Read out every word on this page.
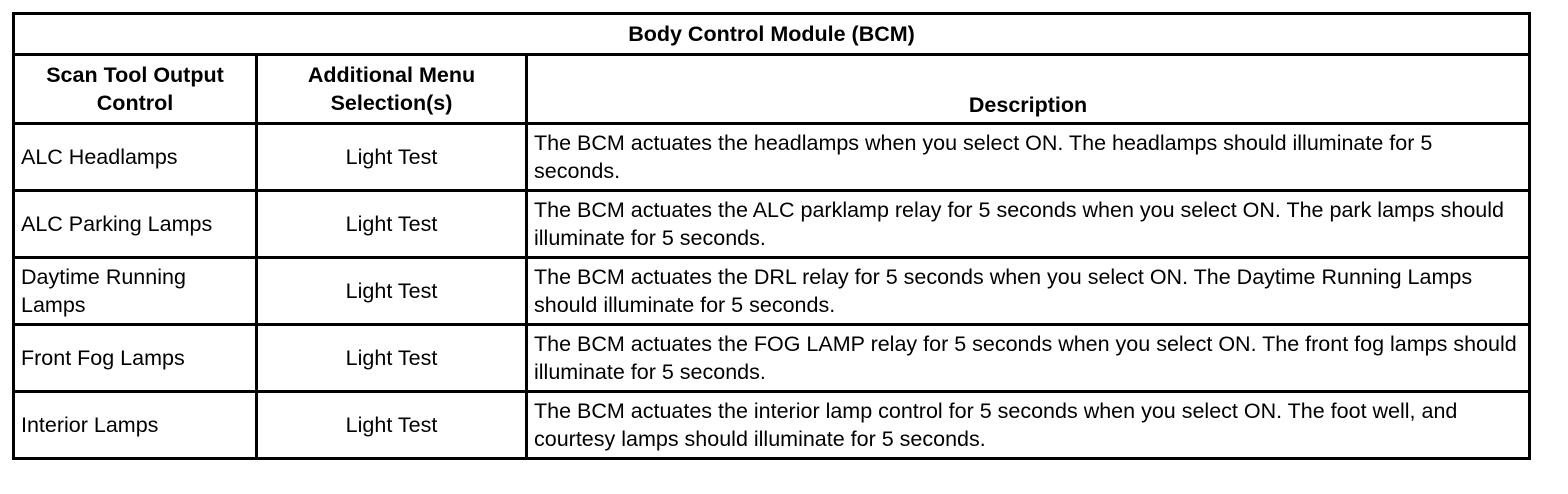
Body Control Module (BCM)		
Scan Tool Output Control	Additional Menu Selection(s)	Description
ALC Headlamps	Light Test	The BCM actuates the headlamps when you select ON. The headlamps should illuminate for 5 seconds.
ALC Parking Lamps	Light Test	The BCM actuates the ALC parklamp relay for 5 seconds when you select ON. The park lamps should illuminate for 5 seconds.
Daytime Running Lamps	Light Test	The BCM actuates the DRL relay for 5 seconds when you select ON. The Daytime Running Lamps should illuminate for 5 seconds.
Front Fog Lamps	Light Test	The BCM actuates the FOG LAMP relay for 5 seconds when you select ON. The front fog lamps should illuminate for 5 seconds.
Interior Lamps	Light Test	The BCM actuates the interior lamp control for 5 seconds when you select ON. The foot well, and courtesy lamps should illuminate for 5 seconds.
